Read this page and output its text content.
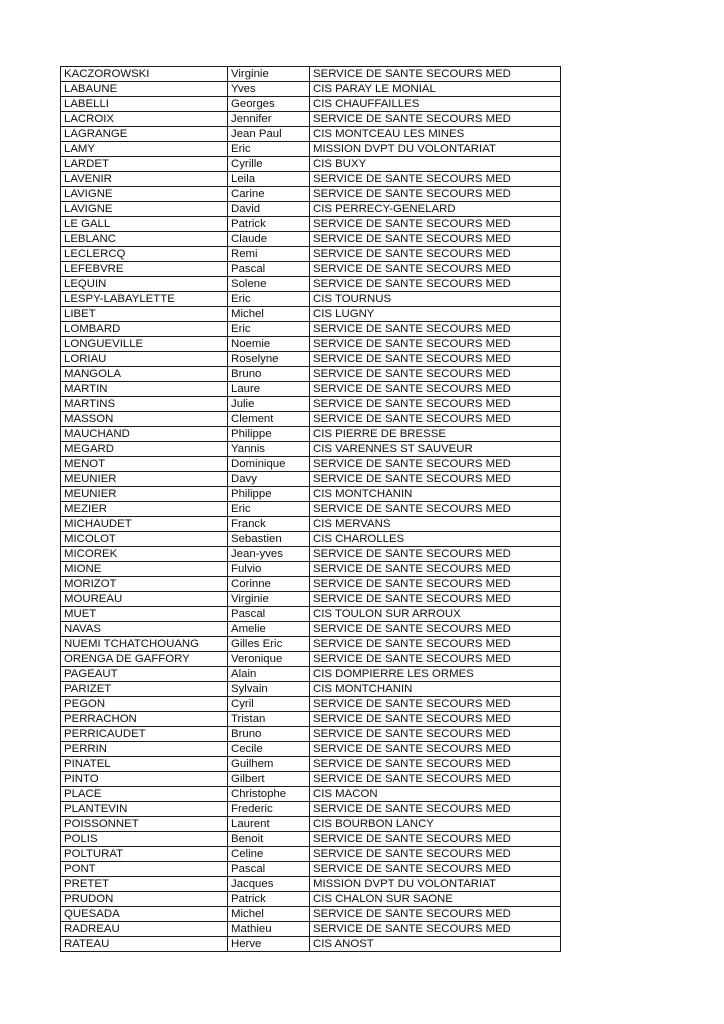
KACZOROWSKI	Virginie	SERVICE DE SANTE SECOURS MED
LABAUNE	Yves	CIS PARAY LE MONIAL
LABELLI	Georges	CIS CHAUFFAILLES
LACROIX	Jennifer	SERVICE DE SANTE SECOURS MED
LAGRANGE	Jean Paul	CIS MONTCEAU LES MINES
LAMY	Eric	MISSION DVPT DU VOLONTARIAT
LARDET	Cyrille	CIS BUXY
LAVENIR	Leila	SERVICE DE SANTE SECOURS MED
LAVIGNE	Carine	SERVICE DE SANTE SECOURS MED
LAVIGNE	David	CIS PERRECY-GENELARD
LE GALL	Patrick	SERVICE DE SANTE SECOURS MED
LEBLANC	Claude	SERVICE DE SANTE SECOURS MED
LECLERCQ	Remi	SERVICE DE SANTE SECOURS MED
LEFEBVRE	Pascal	SERVICE DE SANTE SECOURS MED
LEQUIN	Solene	SERVICE DE SANTE SECOURS MED
LESPY-LABAYLETTE	Eric	CIS TOURNUS
LIBET	Michel	CIS LUGNY
LOMBARD	Eric	SERVICE DE SANTE SECOURS MED
LONGUEVILLE	Noemie	SERVICE DE SANTE SECOURS MED
LORIAU	Roselyne	SERVICE DE SANTE SECOURS MED
MANGOLA	Bruno	SERVICE DE SANTE SECOURS MED
MARTIN	Laure	SERVICE DE SANTE SECOURS MED
MARTINS	Julie	SERVICE DE SANTE SECOURS MED
MASSON	Clement	SERVICE DE SANTE SECOURS MED
MAUCHAND	Philippe	CIS PIERRE DE BRESSE
MEGARD	Yannis	CIS VARENNES ST SAUVEUR
MENOT	Dominique	SERVICE DE SANTE SECOURS MED
MEUNIER	Davy	SERVICE DE SANTE SECOURS MED
MEUNIER	Philippe	CIS MONTCHANIN
MEZIER	Eric	SERVICE DE SANTE SECOURS MED
MICHAUDET	Franck	CIS MERVANS
MICOLOT	Sebastien	CIS CHAROLLES
MICOREK	Jean-yves	SERVICE DE SANTE SECOURS MED
MIONE	Fulvio	SERVICE DE SANTE SECOURS MED
MORIZOT	Corinne	SERVICE DE SANTE SECOURS MED
MOUREAU	Virginie	SERVICE DE SANTE SECOURS MED
MUET	Pascal	CIS TOULON SUR ARROUX
NAVAS	Amelie	SERVICE DE SANTE SECOURS MED
NUEMI TCHATCHOUANG	Gilles Eric	SERVICE DE SANTE SECOURS MED
ORENGA DE GAFFORY	Veronique	SERVICE DE SANTE SECOURS MED
PAGEAUT	Alain	CIS DOMPIERRE LES ORMES
PARIZET	Sylvain	CIS MONTCHANIN
PEGON	Cyril	SERVICE DE SANTE SECOURS MED
PERRACHON	Tristan	SERVICE DE SANTE SECOURS MED
PERRICAUDET	Bruno	SERVICE DE SANTE SECOURS MED
PERRIN	Cecile	SERVICE DE SANTE SECOURS MED
PINATEL	Guilhem	SERVICE DE SANTE SECOURS MED
PINTO	Gilbert	SERVICE DE SANTE SECOURS MED
PLACE	Christophe	CIS MACON
PLANTEVIN	Frederic	SERVICE DE SANTE SECOURS MED
POISSONNET	Laurent	CIS BOURBON LANCY
POLIS	Benoit	SERVICE DE SANTE SECOURS MED
POLTURAT	Celine	SERVICE DE SANTE SECOURS MED
PONT	Pascal	SERVICE DE SANTE SECOURS MED
PRETET	Jacques	MISSION DVPT DU VOLONTARIAT
PRUDON	Patrick	CIS CHALON SUR SAONE
QUESADA	Michel	SERVICE DE SANTE SECOURS MED
RADREAU	Mathieu	SERVICE DE SANTE SECOURS MED
RATEAU	Herve	CIS ANOST
